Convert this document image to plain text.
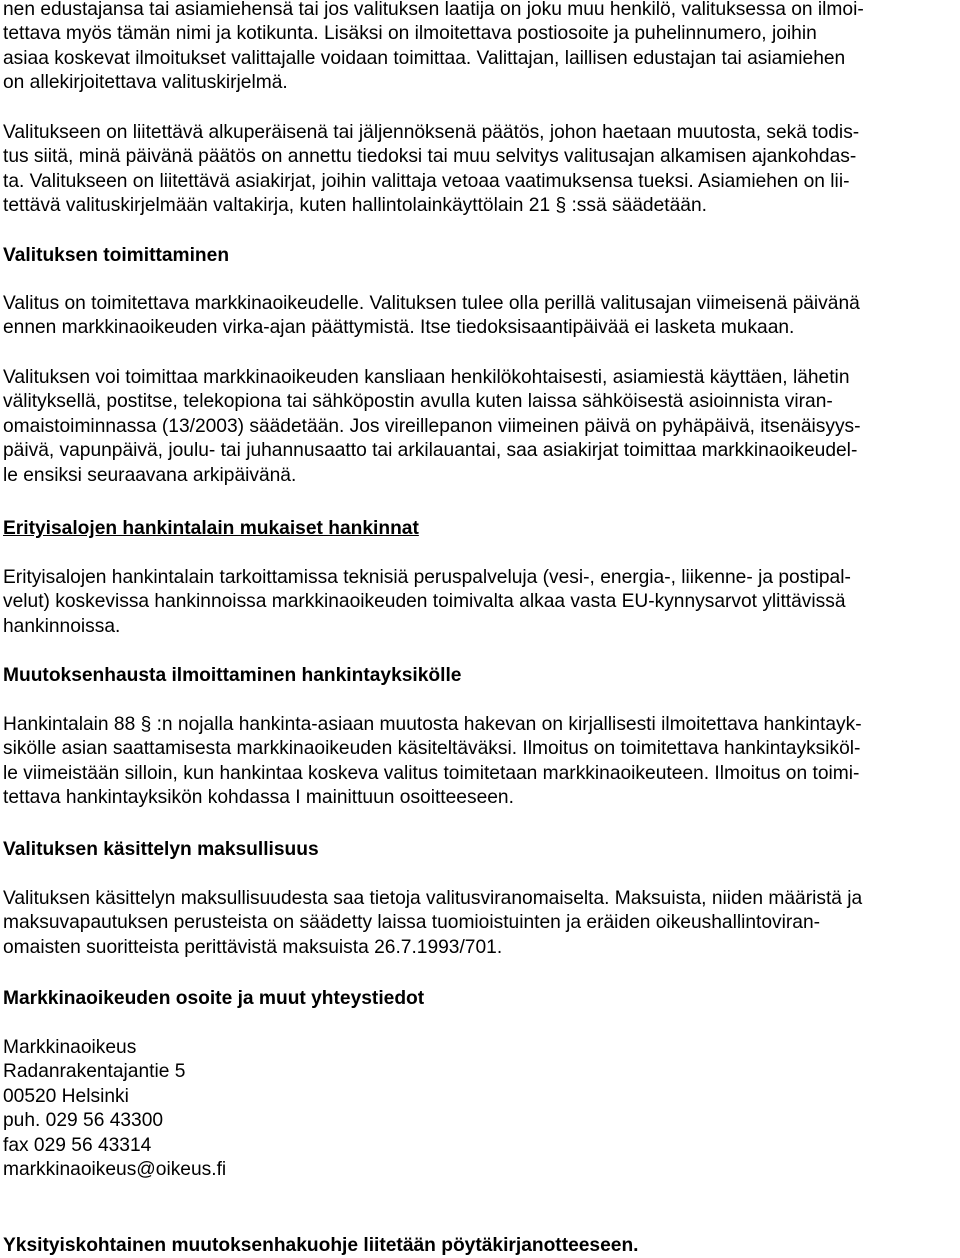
nen edustajansa tai asiamiehensä tai jos valituksen laatija on joku muu henkilö, valituksessa on ilmoi-
tettava myös tämän nimi ja kotikunta. Lisäksi on ilmoitettava postiosoite ja puhelinnumero, joihin
asiaa koskevat ilmoitukset valittajalle voidaan toimittaa. Valittajan, laillisen edustajan tai asiamiehen
on allekirjoitettava valituskirjelmä.
Valitukseen on liitettävä alkuperäisenä tai jäljennöksenä päätös, johon haetaan muutosta, sekä todis-
tus siitä, minä päivänä päätös on annettu tiedoksi tai muu selvitys valitusajan alkamisen ajankohdas-
ta. Valitukseen on liitettävä asiakirjat, joihin valittaja vetoaa vaatimuksensa tueksi. Asiamiehen on lii-
tettävä valituskirjelmään valtakirja, kuten hallintolainkäyttölain 21 § :ssä säädetään.
Valituksen toimittaminen
Valitus on toimitettava markkinaoikeudelle. Valituksen tulee olla perillä valitusajan viimeisenä päivänä
ennen markkinaoikeuden virka-ajan päättymistä. Itse tiedoksisaantipäivää ei lasketa mukaan.
Valituksen voi toimittaa markkinaoikeuden kansliaan henkilökohtaisesti, asiamiestä käyttäen, lähetin
välityksellä, postitse, telekopiona tai sähköpostin avulla kuten laissa sähköisestä asioinnista viran-
omaistoiminnassa (13/2003) säädetään. Jos vireillepanon viimeinen päivä on pyhäpäivä, itsenäisyys-
päivä, vapunpäivä, joulu- tai juhannusaatto tai arkilauantai, saa asiakirjat toimittaa markkinaoikeudel-
le ensiksi seuraavana arkipäivänä.
Erityisalojen hankintalain mukaiset hankinnat
Erityisalojen hankintalain tarkoittamissa teknisiä peruspalveluja (vesi-, energia-, liikenne- ja postipal-
velut) koskevissa hankinnoissa markkinaoikeuden toimivalta alkaa vasta EU-kynnysarvot ylittävissä
hankinnoissa.
Muutoksenhausta ilmoittaminen hankintayksikölle
Hankintalain 88 § :n nojalla hankinta-asiaan muutosta hakevan on kirjallisesti ilmoitettava hankintayk-
sikölle asian saattamisesta markkinaoikeuden käsiteltäväksi. Ilmoitus on toimitettava hankintayksiköl-
le viimeistään silloin, kun hankintaa koskeva valitus toimitetaan markkinaoikeuteen. Ilmoitus on toimi-
tettava hankintayksikön kohdassa I mainittuun osoitteeseen.
Valituksen käsittelyn maksullisuus
Valituksen käsittelyn maksullisuudesta saa tietoja valitusviranomaiselta. Maksuista, niiden määristä ja
maksuvapautuksen perusteista on säädetty laissa tuomioistuinten ja eräiden oikeushallintoviran-
omaisten suoritteista perittävistä maksuista 26.7.1993/701.
Markkinaoikeuden osoite ja muut yhteystiedot
Markkinaoikeus
Radanrakentajantie 5
00520 Helsinki
puh. 029 56 43300
fax 029 56 43314
markkinaoikeus@oikeus.fi
Yksityiskohtainen muutoksenhakuohje liitetään pöytäkirjanotteeseen.
